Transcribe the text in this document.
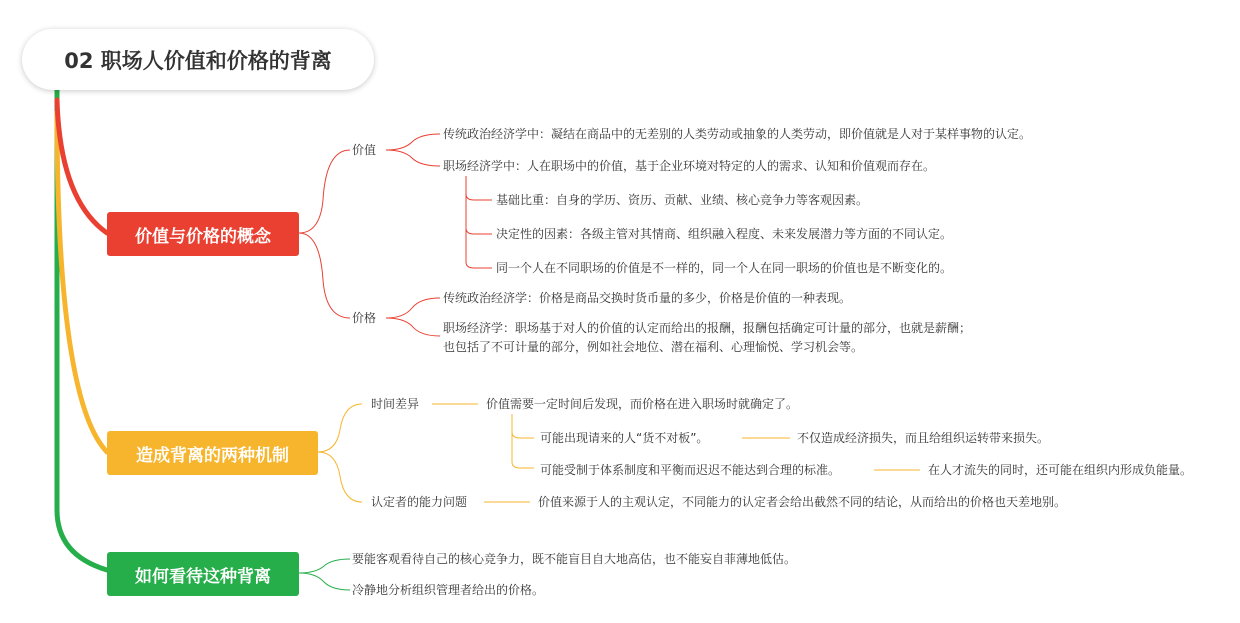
02 职场人价值和价格的背离
价值与价格的概念
造成背离的两种机制
如何看待这种背离
价值
传统政治经济学中：凝结在商品中的无差别的人类劳动或抽象的人类劳动，即价值就是人对于某样事物的认定。
职场经济学中：人在职场中的价值，基于企业环境对特定的人的需求、认知和价值观而存在。
基础比重：自身的学历、资历、贡献、业绩、核心竞争力等客观因素。
决定性的因素：各级主管对其情商、组织融入程度、未来发展潜力等方面的不同认定。
同一个人在不同职场的价值是不一样的，同一个人在同一职场的价值也是不断变化的。
价格
传统政治经济学：价格是商品交换时货币量的多少，价格是价值的一种表现。
职场经济学：职场基于对人的价值的认定而给出的报酬，报酬包括确定可计量的部分，也就是薪酬；
也包括了不可计量的部分，例如社会地位、潜在福利、心理愉悦、学习机会等。
时间差异	价值需要一定时间后发现，而价格在进入职场时就确定了。
可能出现请来的人“货不对板”。	不仅造成经济损失，而且给组织运转带来损失。
可能受制于体系制度和平衡而迟迟不能达到合理的标准。	在人才流失的同时，还可能在组织内形成负能量。
认定者的能力问题	价值来源于人的主观认定，不同能力的认定者会给出截然不同的结论，从而给出的价格也天差地别。
要能客观看待自己的核心竞争力，既不能盲目自大地高估，也不能妄自菲薄地低估。
冷静地分析组织管理者给出的价格。
